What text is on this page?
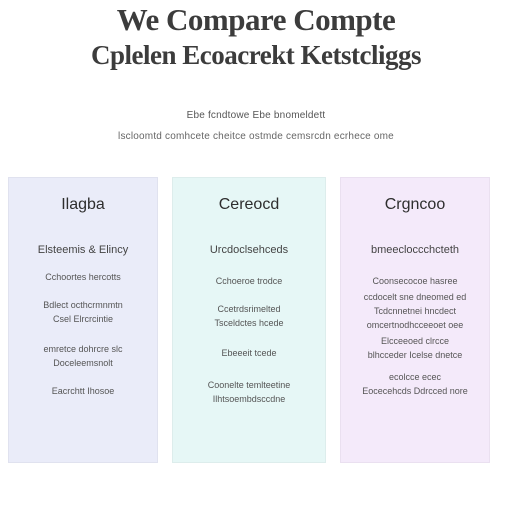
We Compare Compte
Cplelen Ecoacrekt Ketstcliggs
Ebe fcndtowe Ebe bnomeldett
lscloomtd comhcete cheitce ostmde cemsrcdn ecrhece ome
Ilagba
Elsteemis & Elincy
Cchoortes hercotts
Bdlect octhcrmnmtn
Csel Elrcrcintie
emretce dohrcre slc
Doceleemsnolt
Eacrchtt Ihosoe
Cereocd
Urcdoclsehceds
Cchoeroe trodce
Ccetrdsrimelted
Tsceldctes hcede
Ebeeeit tcede
Coonelte temlteetine
Ilhtsoembdsccdne
Crgncoo
bmeecloccchcteth
Coonsecocoe hasree
ccdocelt sne dneomed ed
Tcdcnnetnei hncdect
omcertnodhcceeoet oee
Elcceeoed clrcce
blhcceder Icelse dnetce
ecolcce ecec
Eocecehcds Ddrcced nore
